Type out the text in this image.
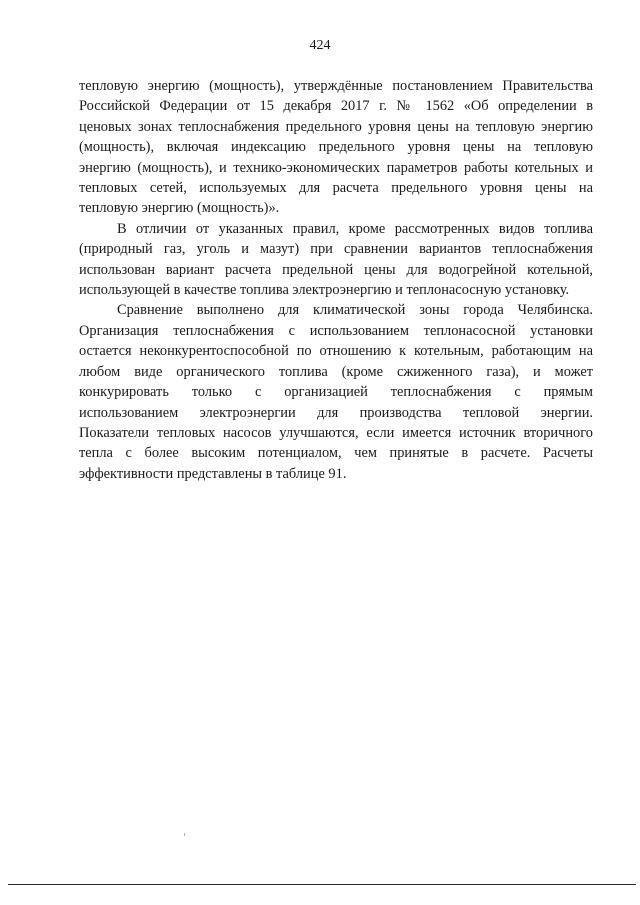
424

тепловую энергию (мощность), утверждённые постановлением Правительства
Российской Федерации от 15 декабря 2017 г. № 1562 «Об определении в
ценовых зонах теплоснабжения предельного уровня цены на тепловую энергию
(мощность), включая индексацию предельного уровня цены на тепловую
энергию (мощность), и технико-экономических параметров работы котельных и
тепловых сетей, используемых для расчета предельного уровня цены на
тепловую энергию (мощность)».

В отличии от указанных правил, кроме рассмотренных видов топлива
(природный газ, уголь и мазут) при сравнении вариантов теплоснабжения
использован вариант расчета предельной цены для водогрейной котельной,
использующей в качестве топлива электроэнергию и теплонасосную установку.

Сравнение выполнено для климатической зоны города Челябинска.
Организация теплоснабжения с использованием теплонасосной установки
остается неконкурентоспособной по отношению к котельным, работающим на
любом виде органического топлива (кроме сжиженного газа), и может
конкурировать только с организацией теплоснабжения с прямым
использованием электроэнергии для производства тепловой энергии.
Показатели тепловых насосов улучшаются, если имеется источник вторичного
тепла с более высоким потенциалом, чем принятые в расчете. Расчеты
эффективности представлены в таблице 91.
